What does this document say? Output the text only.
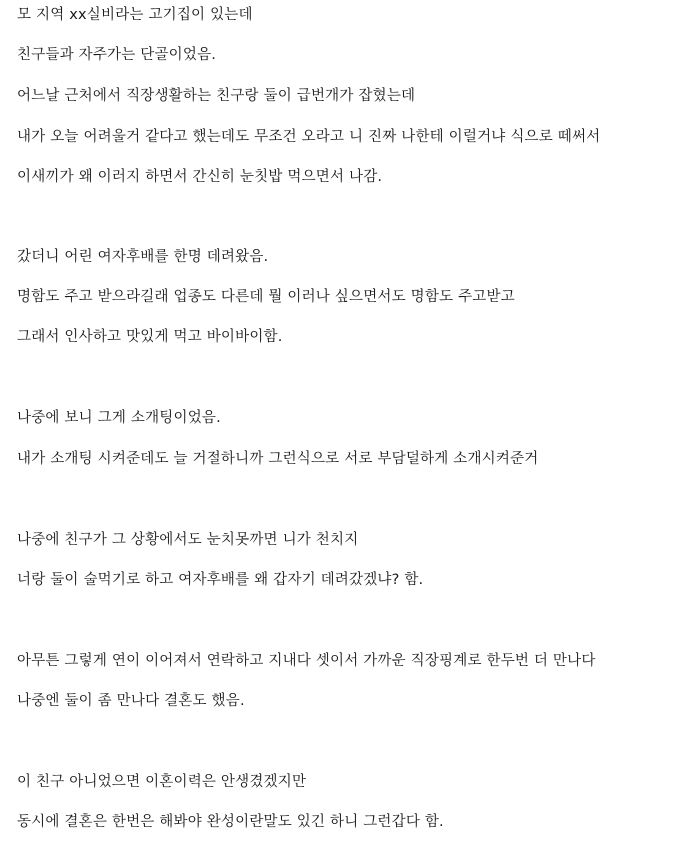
모 지역 xx실비라는 고기집이 있는데

친구들과 자주가는 단골이었음.

어느날 근처에서 직장생활하는 친구랑 둘이 급번개가 잡혔는데

내가 오늘 어려울거 같다고 했는데도 무조건 오라고 니 진짜 나한테 이럴거냐 식으로 떼써서

이새끼가 왜 이러지 하면서 간신히 눈칫밥 먹으면서 나감.

갔더니 어린 여자후배를 한명 데려왔음.

명함도 주고 받으라길래 업종도 다른데 뭘 이러나 싶으면서도 명함도 주고받고

그래서 인사하고 맛있게 먹고 바이바이함.

나중에 보니 그게 소개팅이었음.

내가 소개팅 시켜준데도 늘 거절하니까 그런식으로 서로 부담덜하게 소개시켜준거

나중에 친구가 그 상황에서도 눈치못까면 니가 천치지

너랑 둘이 술먹기로 하고 여자후배를 왜 갑자기 데려갔겠냐? 함.

아무튼 그렇게 연이 이어져서 연락하고 지내다 셋이서 가까운 직장핑계로 한두번 더 만나다

나중엔 둘이 좀 만나다 결혼도 했음.

이 친구 아니었으면 이혼이력은 안생겼겠지만

동시에 결혼은 한번은 해봐야 완성이란말도 있긴 하니 그런갑다 함.
